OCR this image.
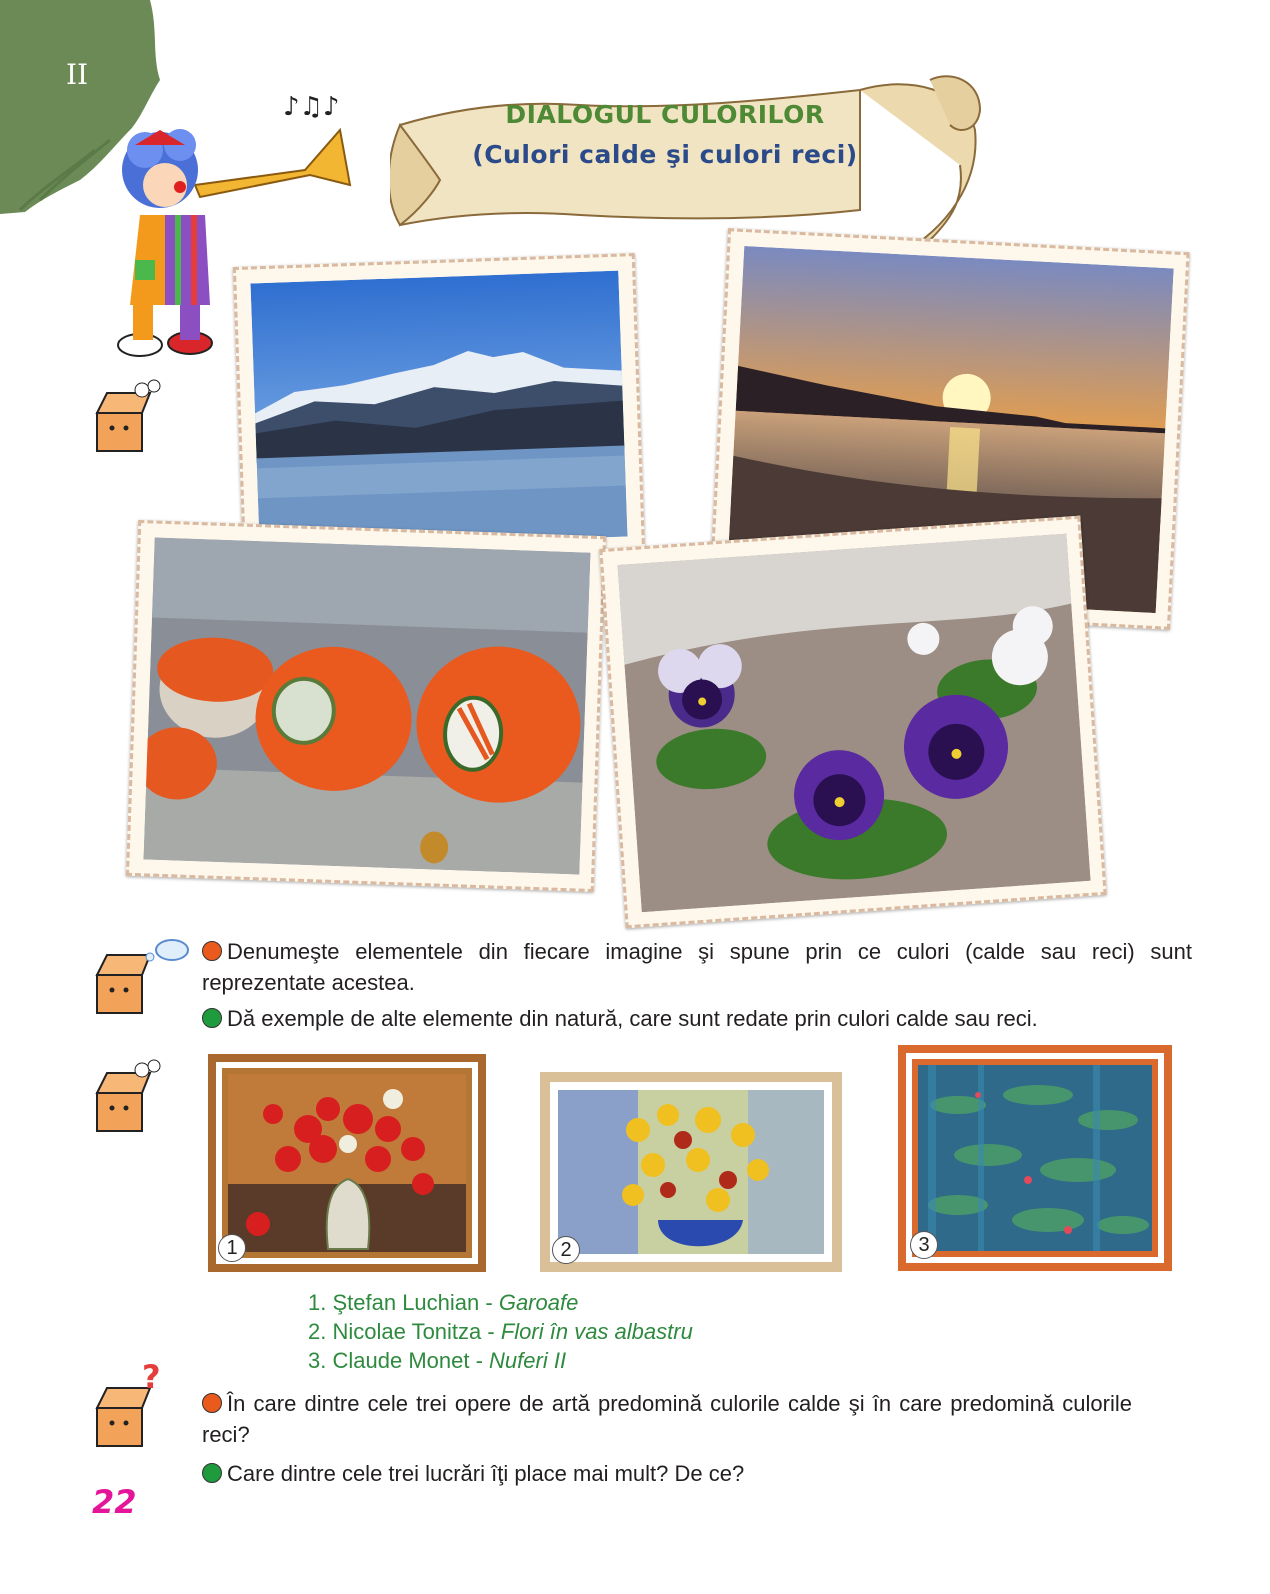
II
♪♫♪	DIALOGUL CULORILOR
(Culori calde şi culori reci)
?
Denumeşte elementele din fiecare imagine şi spune prin ce culori (calde sau reci) sunt reprezentate acestea.
Dă exemple de alte elemente din natură, care sunt redate prin culori calde sau reci.
1	2	3
1. Ştefan Luchian - Garoafe
2. Nicolae Tonitza - Flori în vas albastru
3. Claude Monet - Nuferi II
În care dintre cele trei opere de artă predomină culorile calde şi în care predomină culorile reci?
Care dintre cele trei lucrări îţi place mai mult? De ce?
22
